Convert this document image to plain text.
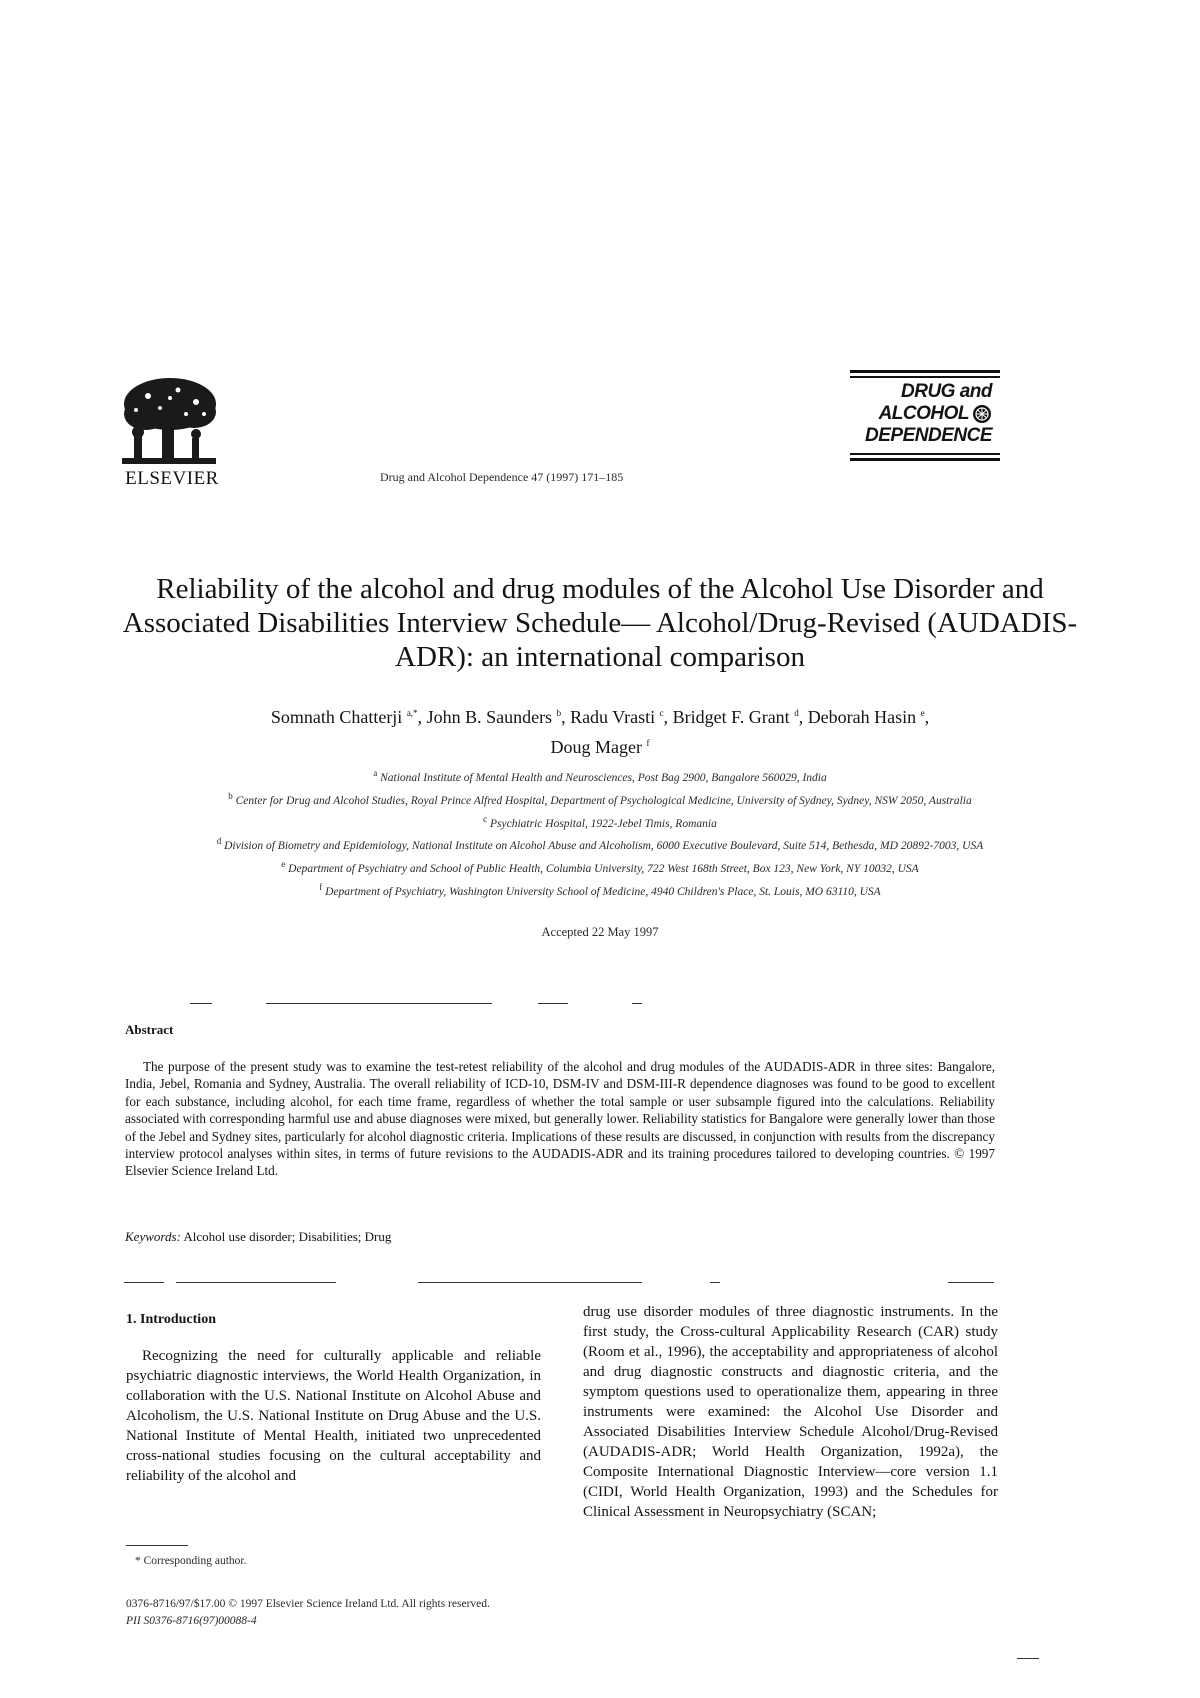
ELSEVIER	Drug and Alcohol Dependence 47 (1997) 171–185
DRUG and
ALCOHOL
DEPENDENCE
Reliability of the alcohol and drug modules of the Alcohol Use Disorder and Associated Disabilities Interview Schedule— Alcohol/Drug-Revised (AUDADIS-ADR): an international comparison
Somnath Chatterji $^{a,*}$, John B. Saunders $^b$, Radu Vrasti $^c$, Bridget F. Grant $^d$, Deborah Hasin $^e$,
Doug Mager $^f$
$^a$ National Institute of Mental Health and Neurosciences, Post Bag 2900, Bangalore 560029, India
$^b$ Center for Drug and Alcohol Studies, Royal Prince Alfred Hospital, Department of Psychological Medicine, University of Sydney, Sydney, NSW 2050, Australia
$^c$ Psychiatric Hospital, 1922-Jebel Timis, Romania
$^d$ Division of Biometry and Epidemiology, National Institute on Alcohol Abuse and Alcoholism, 6000 Executive Boulevard, Suite 514, Bethesda, MD 20892-7003, USA
$^e$ Department of Psychiatry and School of Public Health, Columbia University, 722 West 168th Street, Box 123, New York, NY 10032, USA
$^f$ Department of Psychiatry, Washington University School of Medicine, 4940 Children's Place, St. Louis, MO 63110, USA
Accepted 22 May 1997
Abstract
The purpose of the present study was to examine the test-retest reliability of the alcohol and drug modules of the AUDADIS-ADR in three sites: Bangalore, India, Jebel, Romania and Sydney, Australia. The overall reliability of ICD-10, DSM-IV and DSM-III-R dependence diagnoses was found to be good to excellent for each substance, including alcohol, for each time frame, regardless of whether the total sample or user subsample figured into the calculations. Reliability associated with corresponding harmful use and abuse diagnoses were mixed, but generally lower. Reliability statistics for Bangalore were generally lower than those of the Jebel and Sydney sites, particularly for alcohol diagnostic criteria. Implications of these results are discussed, in conjunction with results from the discrepancy interview protocol analyses within sites, in terms of future revisions to the AUDADIS-ADR and its training procedures tailored to developing countries. © 1997 Elsevier Science Ireland Ltd.
Keywords: Alcohol use disorder; Disabilities; Drug
1. Introduction

Recognizing the need for culturally applicable and reliable psychiatric diagnostic interviews, the World Health Organization, in collaboration with the U.S. National Institute on Alcohol Abuse and Alcoholism, the U.S. National Institute on Drug Abuse and the U.S. National Institute of Mental Health, initiated two unprecedented cross-national studies focusing on the cultural acceptability and reliability of the alcohol and

drug use disorder modules of three diagnostic instruments. In the first study, the Cross-cultural Applicability Research (CAR) study (Room et al., 1996), the acceptability and appropriateness of alcohol and drug diagnostic constructs and diagnostic criteria, and the symptom questions used to operationalize them, appearing in three instruments were examined: the Alcohol Use Disorder and Associated Disabilities Interview Schedule Alcohol/Drug-Revised (AUDADIS-ADR; World Health Organization, 1992a), the Composite International Diagnostic Interview—core version 1.1 (CIDI, World Health Organization, 1993) and the Schedules for Clinical Assessment in Neuropsychiatry (SCAN;

* Corresponding author.
0376-8716/97/$17.00 © 1997 Elsevier Science Ireland Ltd. All rights reserved.
PII S0376-8716(97)00088-4
